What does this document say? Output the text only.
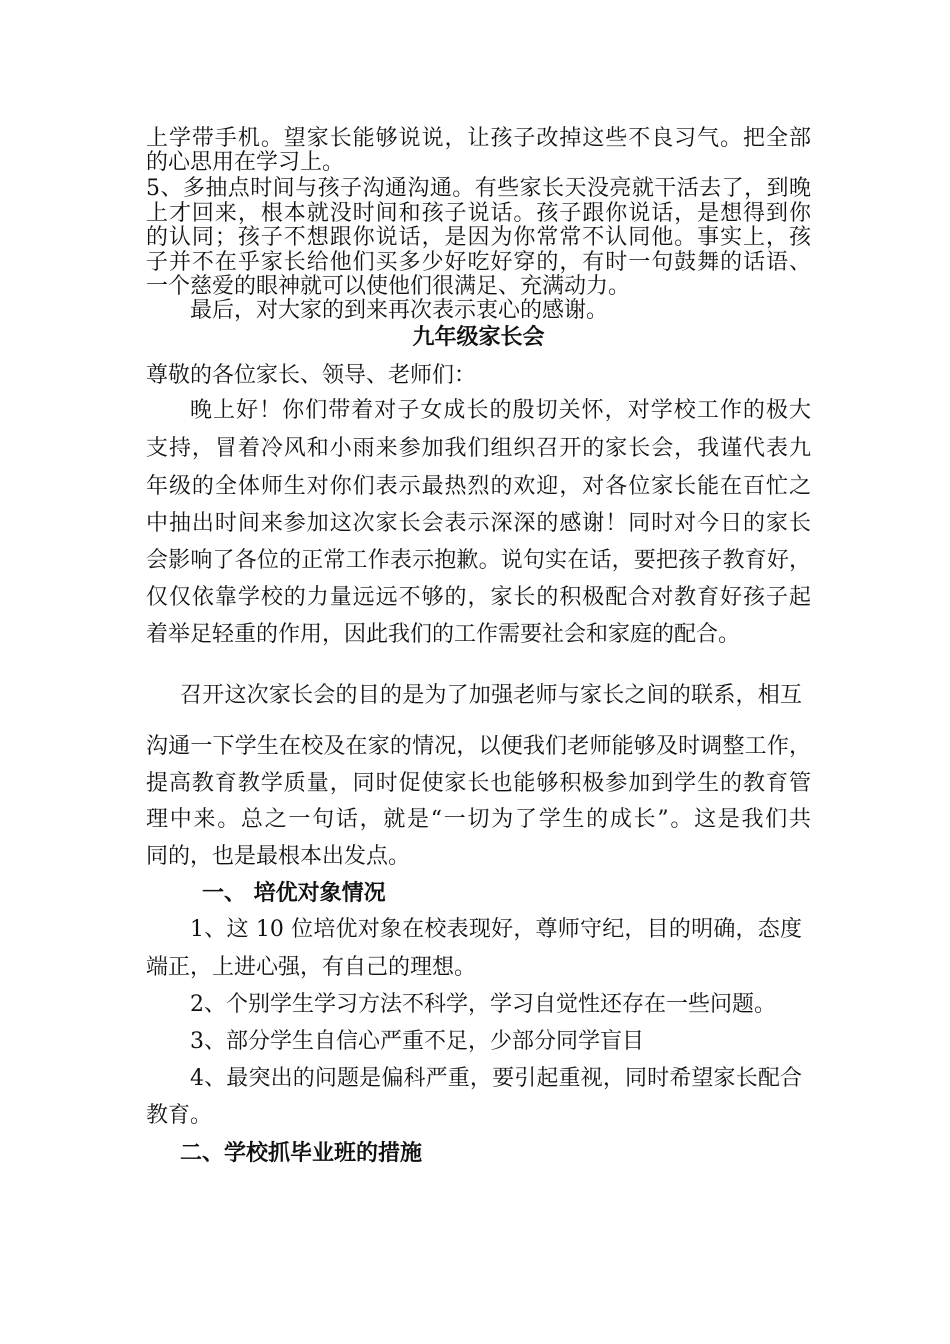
上学带手机。望家长能够说说，让孩子改掉这些不良习气。把全部
的心思用在学习上。
5、多抽点时间与孩子沟通沟通。有些家长天没亮就干活去了，到晚
上才回来，根本就没时间和孩子说话。孩子跟你说话，是想得到你
的认同；孩子不想跟你说话，是因为你常常不认同他。事实上，孩
子并不在乎家长给他们买多少好吃好穿的，有时一句鼓舞的话语、
一个慈爱的眼神就可以使他们很满足、充满动力。
最后，对大家的到来再次表示衷心的感谢。
九年级家长会
尊敬的各位家长、领导、老师们：
晚上好！你们带着对子女成长的殷切关怀，对学校工作的极大
支持，冒着冷风和小雨来参加我们组织召开的家长会，我谨代表九
年级的全体师生对你们表示最热烈的欢迎，对各位家长能在百忙之
中抽出时间来参加这次家长会表示深深的感谢！同时对今日的家长
会影响了各位的正常工作表示抱歉。说句实在话，要把孩子教育好，
仅仅依靠学校的力量远远不够的，家长的积极配合对教育好孩子起
着举足轻重的作用，因此我们的工作需要社会和家庭的配合。
召开这次家长会的目的是为了加强老师与家长之间的联系，相互
沟通一下学生在校及在家的情况，以便我们老师能够及时调整工作，
提高教育教学质量，同时促使家长也能够积极参加到学生的教育管
理中来。总之一句话，就是“一切为了学生的成长”。这是我们共
同的，也是最根本出发点。
一、 培优对象情况
1、这 10 位培优对象在校表现好，尊师守纪，目的明确，态度
端正，上进心强，有自己的理想。
2、个别学生学习方法不科学，学习自觉性还存在一些问题。
3、部分学生自信心严重不足，少部分同学盲目
4、最突出的问题是偏科严重，要引起重视，同时希望家长配合
教育。
二、学校抓毕业班的措施
